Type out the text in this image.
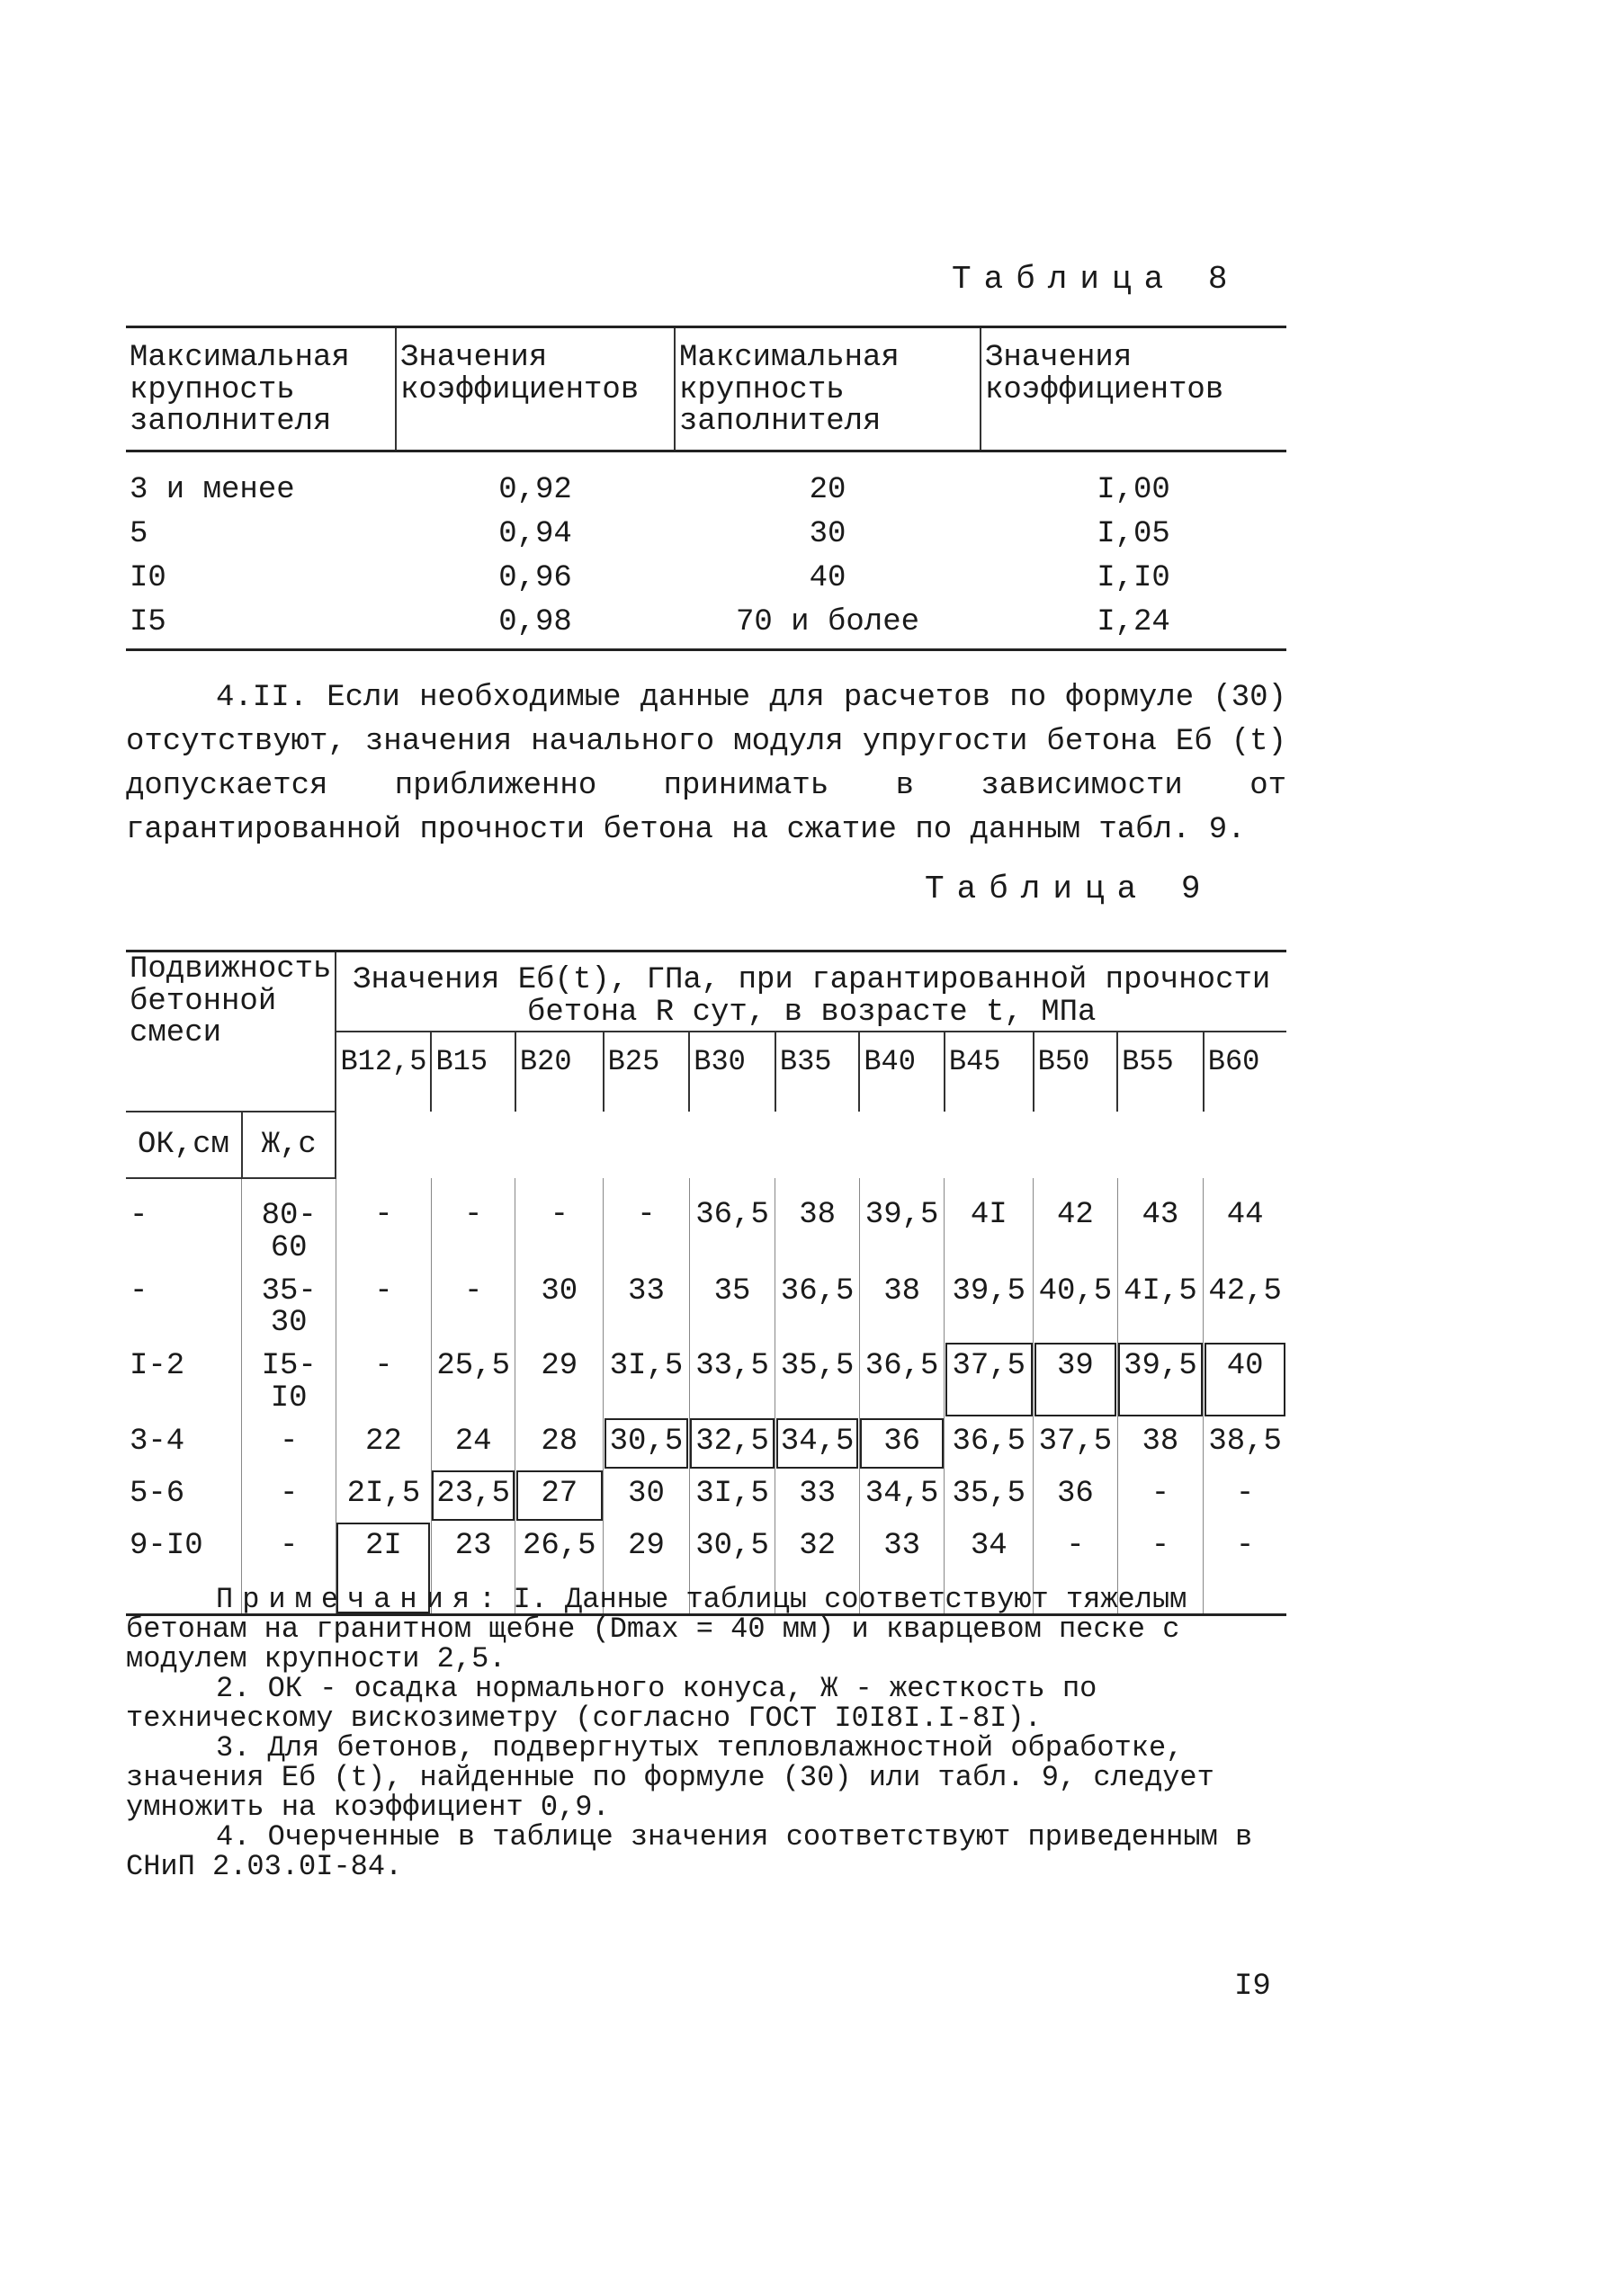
Таблица 8
Максимальная крупность заполнителя	Значения коэффициентов	Максимальная крупность заполнителя	Значения коэффициентов
3 и менее	0,92	20	I,00
5	0,94	30	I,05
I0	0,96	40	I,I0
I5	0,98	70 и более	I,24

4.II. Если необходимые данные для расчетов по формуле (30) отсутствуют, значения начального модуля упругости бетона Eб (t) допускается приближенно принимать в зависимости от гарантированной прочности бетона на сжатие по данным табл. 9.

Таблица 9
Подвижность бетонной смеси		Значения Eб(t), ГПа, при гарантированной прочности бетона R сут, в возрасте t, МПа										
		В12,5	В15	В20	В25	В30	В35	В40	В45	В50	В55	В60
ОК,см	Ж,с											
-	80-60	-	-	-	-	36,5	38	39,5	4I	42	43	44
-	35-30	-	-	30	33	35	36,5	38	39,5	40,5	4I,5	42,5
I-2	I5-I0	-	25,5	29	3I,5	33,5	35,5	36,5	37,5	39	39,5	40
3-4	-	22	24	28	30,5	32,5	34,5	36	36,5	37,5	38	38,5
5-6	-	2I,5	23,5	27	30	3I,5	33	34,5	35,5	36	-	-
9-I0	-	2I	23	26,5	29	30,5	32	33	34	-	-	-

Примечания: I. Данные таблицы соответствуют тяжелым бетонам на гранитном щебне (Dmax = 40 мм) и кварцевом песке с модулем крупности 2,5.

2. ОК - осадка нормального конуса, Ж - жесткость по техническому вискозиметру (согласно ГОСТ I0I8I.I-8I).

3. Для бетонов, подвергнутых тепловлажностной обработке, значения Eб (t), найденные по формуле (30) или табл. 9, следует умножить на коэффициент 0,9.

4. Очерченные в таблице значения соответствуют приведенным в СНиП 2.03.0I-84.

I9
